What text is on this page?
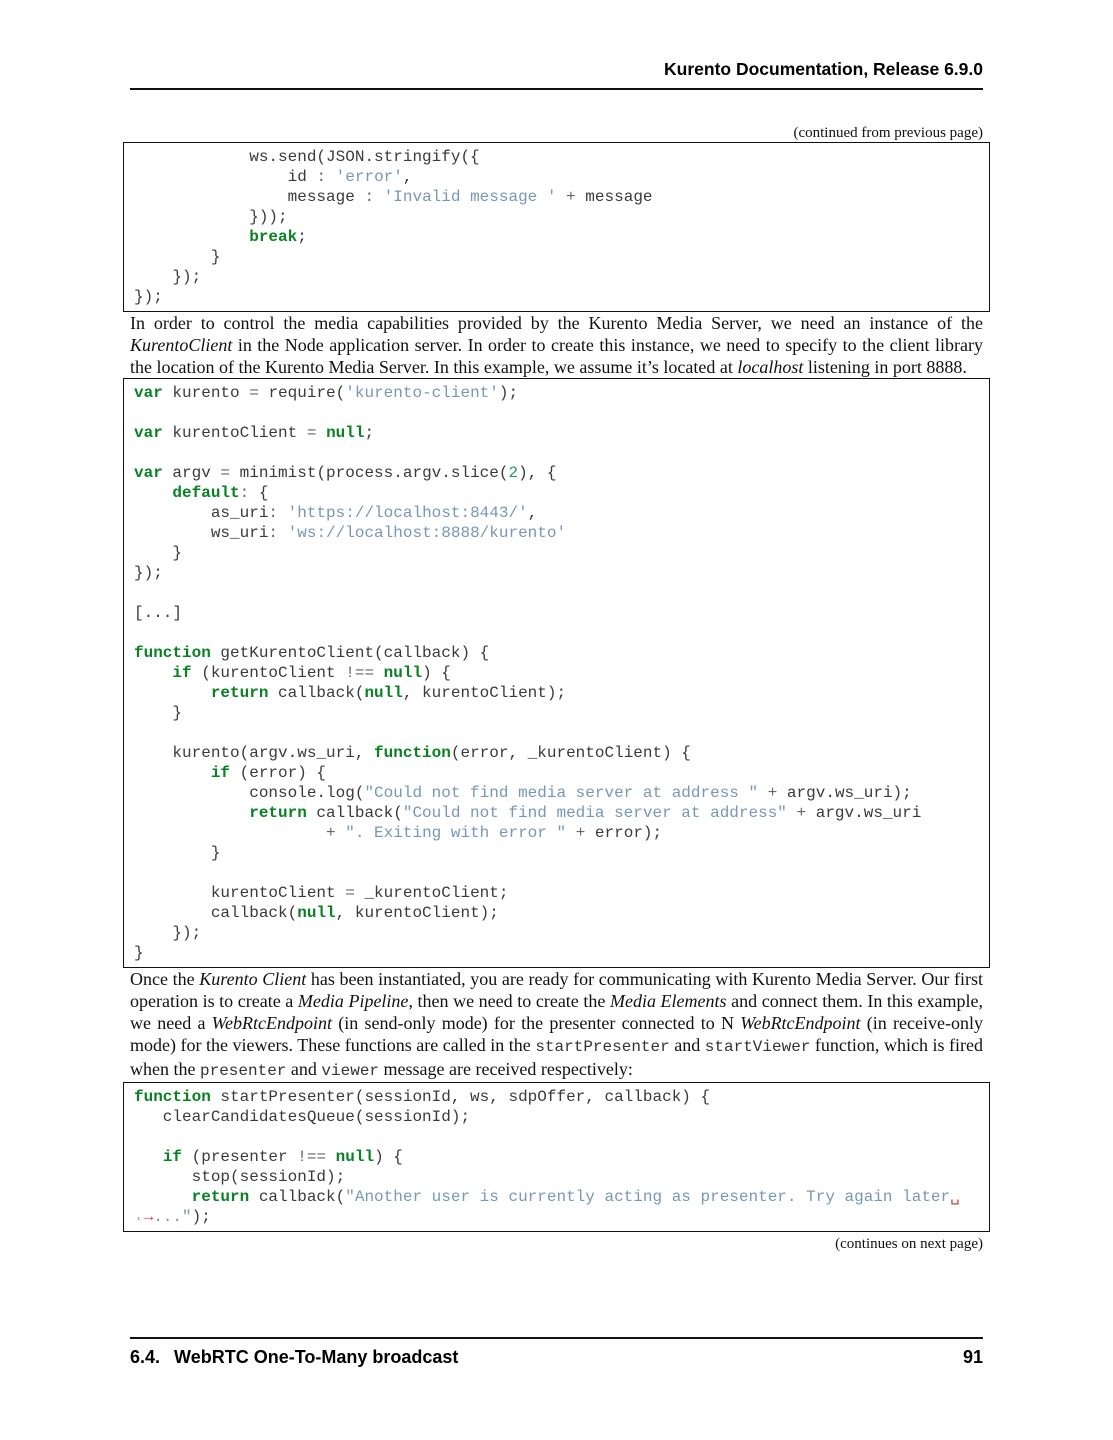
Kurento Documentation, Release 6.9.0
(continued from previous page)
ws.send(JSON.stringify({
id : 'error',
message : 'Invalid message ' + message
}));
break;
}
});
});

In order to control the media capabilities provided by the Kurento Media Server, we need an instance of the KurentoClient in the Node application server. In order to create this instance, we need to specify to the client library the location of the Kurento Media Server. In this example, we assume it’s located at localhost listening in port 8888.

var kurento = require('kurento-client');
var kurentoClient = null;
var argv = minimist(process.argv.slice(2), {
default: {
as_uri: 'https://localhost:8443/',
ws_uri: 'ws://localhost:8888/kurento'
}
});
[...]
function getKurentoClient(callback) {
if (kurentoClient !== null) {
return callback(null, kurentoClient);
}
kurento(argv.ws_uri, function(error, _kurentoClient) {
if (error) {
console.log("Could not find media server at address " + argv.ws_uri);
return callback("Could not find media server at address" + argv.ws_uri
+ ". Exiting with error " + error);
}
kurentoClient = _kurentoClient;
callback(null, kurentoClient);
});
}

Once the Kurento Client has been instantiated, you are ready for communicating with Kurento Media Server. Our first operation is to create a Media Pipeline, then we need to create the Media Elements and connect them. In this example, we need a WebRtcEndpoint (in send-only mode) for the presenter connected to N WebRtcEndpoint (in receive-only mode) for the viewers. These functions are called in the startPresenter and startViewer function, which is fired when the presenter and viewer message are received respectively:

function startPresenter(sessionId, ws, sdpOffer, callback) {
clearCandidatesQueue(sessionId);
if (presenter !== null) {
stop(sessionId);
return callback("Another user is currently acting as presenter. Try again later␣
˓→...");
(continues on next page)
6.4. WebRTC One-To-Many broadcast	91
